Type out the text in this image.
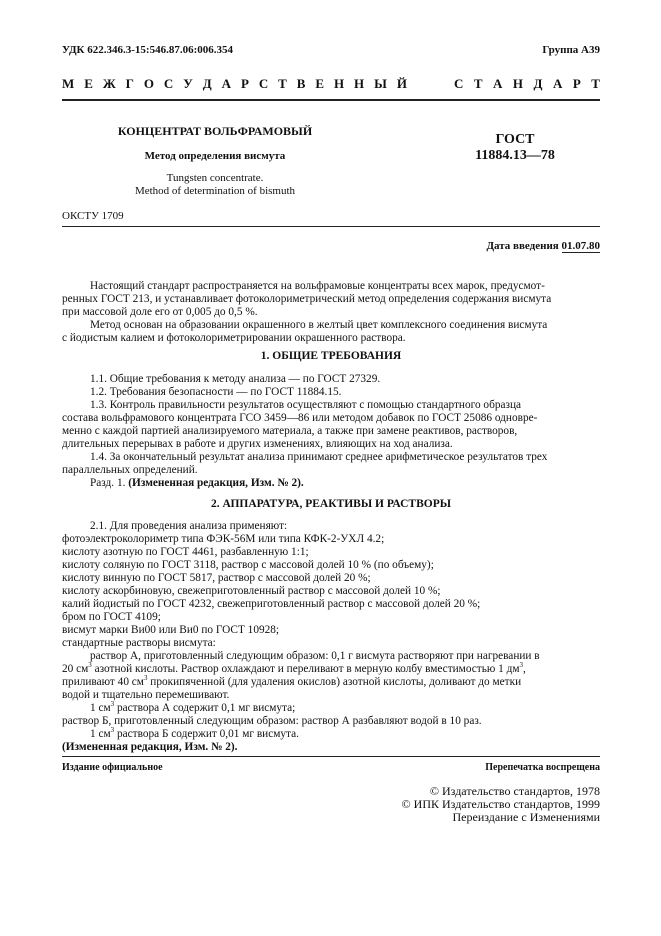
УДК 622.346.3-15:546.87.06:006.354	Группа А39
М Е Ж Г О С У Д А Р С Т В Е Н Н Ы Й	С Т А Н Д А Р Т
КОНЦЕНТРАТ ВОЛЬФРАМОВЫЙ
Метод определения висмута
Tungsten concentrate.
Method of determination of bismuth
ГОСТ
11884.13—78
ОКСТУ 1709
Дата введения 01.07.80
Настоящий стандарт распространяется на вольфрамовые концентраты всех марок, предусмот-
ренных ГОСТ 213, и устанавливает фотоколориметрический метод определения содержания висмута
при массовой доле его от 0,005 до 0,5 %.
Метод основан на образовании окрашенного в желтый цвет комплексного соединения висмута
с йодистым калием и фотоколориметрировании окрашенного раствора.
1. ОБЩИЕ ТРЕБОВАНИЯ
1.1. Общие требования к методу анализа — по ГОСТ 27329.
1.2. Требования безопасности — по ГОСТ 11884.15.
1.3. Контроль правильности результатов осуществляют с помощью стандартного образца
состава вольфрамового концентрата ГСО 3459—86 или методом добавок по ГОСТ 25086 одновре-
менно с каждой партией анализируемого материала, а также при замене реактивов, растворов,
длительных перерывах в работе и других изменениях, влияющих на ход анализа.
1.4. За окончательный результат анализа принимают среднее арифметическое результатов трех
параллельных определений.
Разд. 1. (Измененная редакция, Изм. № 2).
2. АППАРАТУРА, РЕАКТИВЫ И РАСТВОРЫ
2.1. Для проведения анализа применяют:
фотоэлектроколориметр типа ФЭК-56М или типа КФК-2-УХЛ 4.2;
кислоту азотную по ГОСТ 4461, разбавленную 1:1;
кислоту соляную по ГОСТ 3118, раствор с массовой долей 10 % (по объему);
кислоту винную по ГОСТ 5817, раствор с массовой долей 20 %;
кислоту аскорбиновую, свежеприготовленный раствор с массовой долей 10 %;
калий йодистый по ГОСТ 4232, свежеприготовленный раствор с массовой долей 20 %;
бром по ГОСТ 4109;
висмут марки Ви00 или Ви0 по ГОСТ 10928;
стандартные растворы висмута:
раствор А, приготовленный следующим образом: 0,1 г висмута растворяют при нагревании в
20 $см^3$ азотной кислоты. Раствор охлаждают и переливают в мерную колбу вместимостью 1 $дм^3$,
приливают 40 $см^3$ прокипяченной (для удаления окислов) азотной кислоты, доливают до метки
водой и тщательно перемешивают.
1 $см^3$ раствора А содержит 0,1 мг висмута;
раствор Б, приготовленный следующим образом: раствор А разбавляют водой в 10 раз.
1 $см^3$ раствора Б содержит 0,01 мг висмута.
(Измененная редакция, Изм. № 2).
Издание официальное	Перепечатка воспрещена
© Издательство стандартов, 1978
© ИПК Издательство стандартов, 1999
Переиздание с Изменениями
